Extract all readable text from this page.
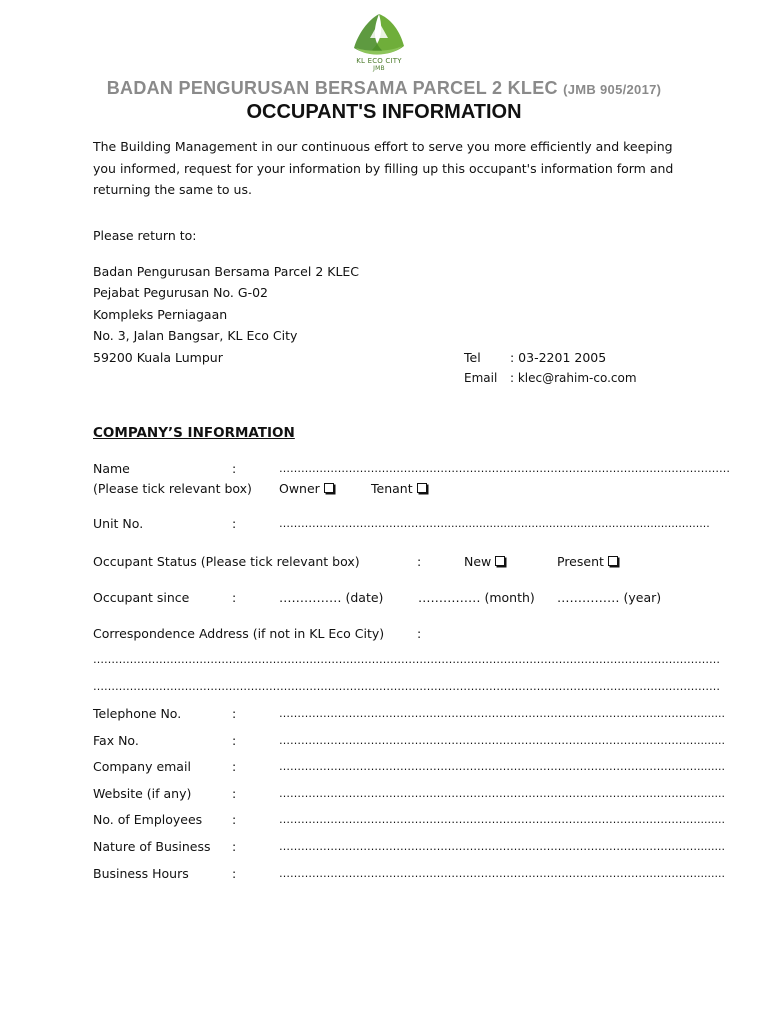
KL ECO CITY
JMB
BADAN PENGURUSAN BERSAMA PARCEL 2 KLEC (JMB 905/2017)
OCCUPANT'S INFORMATION
The Building Management in our continuous effort to serve you more efficiently and keeping you informed, request for your information by filling up this occupant's information form and returning the same to us.
Please return to:
Badan Pengurusan Bersama Parcel 2 KLEC
Pejabat Pegurusan No. G-02
Kompleks Perniagaan
No. 3, Jalan Bangsar, KL Eco City
59200 Kuala Lumpur	Tel : 03-2201 2005
Email : klec@rahim-co.com
COMPANY’S INFORMATION
Name	:	……………………………………………………………………………………………………………
(Please tick relevant box) Owner	Tenant
Unit No.	:	………………………………………............................................................................
Occupant Status (Please tick relevant box)	:	New	Present
Occupant since	:	…………… (date)	…………… (month) …………… (year)
Correspondence Address (if not in KL Eco City)	:
………………………………………………………………………………………………………………………………………………………
………………………………………………………………………………………………………………………………………………………
Telephone No.	:	……………………………………………………………………………………………………........
Fax No.	:	……………………………………………………………………………………………………........
Company email	:	……………………………………………………………………………………………………........
Website (if any)	:	……………………………………………………………………………………………………........
No. of Employees :	……………………………………………………………………………………………………........
Nature of Business :	……………………………………………………………………………………………………........
Business Hours	:	……………………………………………………………………………………………………........
